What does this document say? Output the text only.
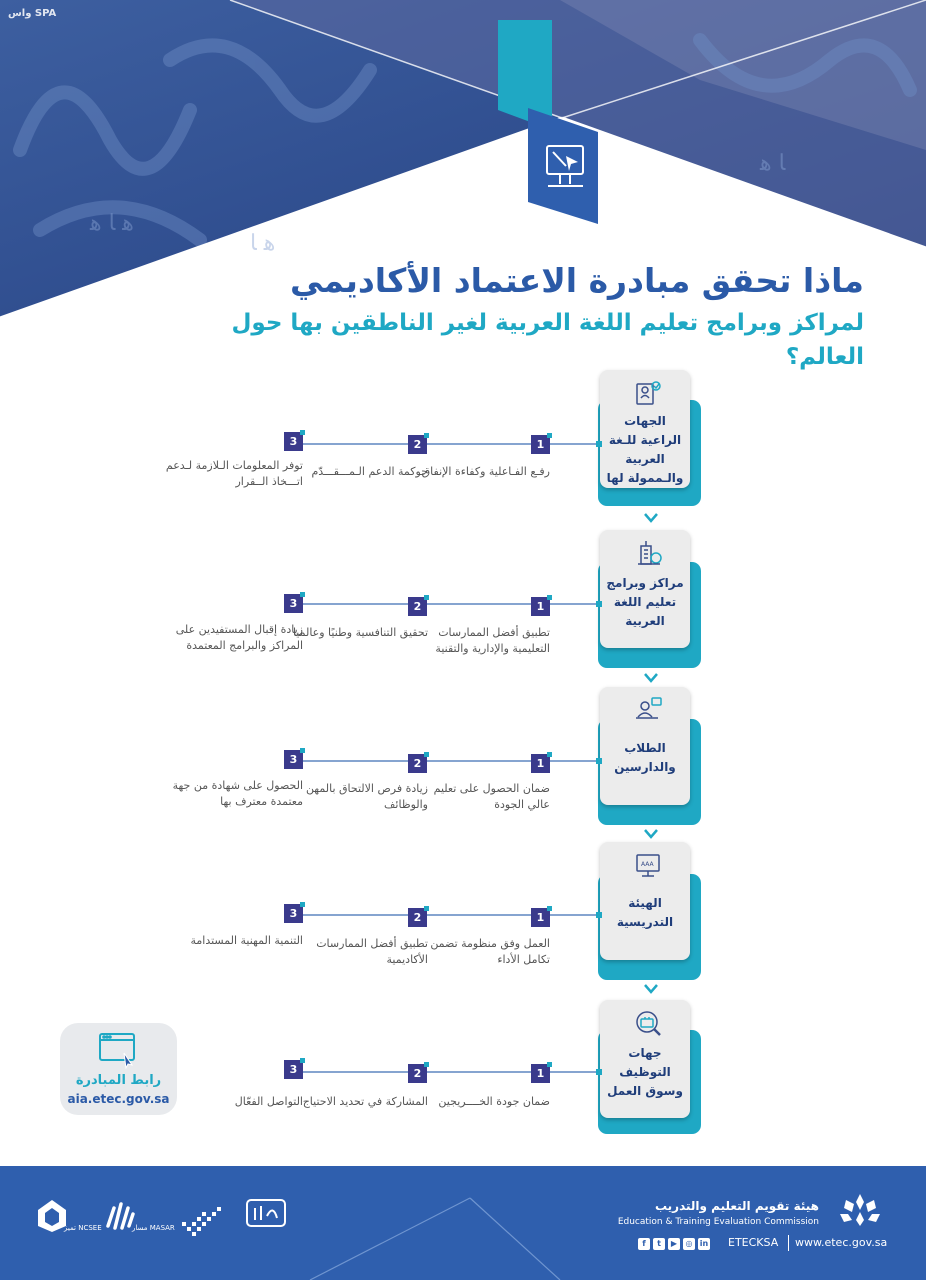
ﻫ ﺎ ﻫ
ﻫ ﺎ
ﺎ ﻫ
واس SPA
ماذا تحقق مبادرة الاعتماد الأكاديمي
لمراكز وبرامج تعليم اللغة العربية لغير الناطقين بها حول العالم؟

الجهات الراعية للـغة العربية والـممولة لها

1

رفـع الفـاعلية وكفاءة الإنفاق

2

حوكمة الدعم الـمـــقـــدّم

3

توفر المعلومات الـلازمة لـدعم اتـــخاذ الــقرار

مراكز وبرامج تعليم اللغة العربية

1

تطبيق أفضل الممارسات التعليمية والإدارية والتقنية

2

تحقيق التنافسية وطنيًا وعالميا

3

زيادة إقبال المستفيدين على المراكز والبرامج المعتمدة

الطلاب والدارسين

1

ضمان الحصول على تعليم عالي الجودة

2

زيادة فرص الالتحاق بالمهن والوظائف

3

الحصول على شهادة من جهة معتمدة معترف بها

AAA

الهيئة التدريسية

1

العمل وفق منظومة تضمن تكامل الأداء

2

تطبيق أفضل الممارسات الأكاديمية

3

التنمية المهنية المستدامة

جهات التوظيف وسوق العمل

1

ضمان جودة الخــــريجين

2

المشاركة في تحديد الاحتياج

3

التواصل الفعّال

رابط المبادرة

aia.etec.gov.sa

هيئة تقويم التعليم والتدريب

Education & Training Evaluation Commission

f	t	▶	◎ in ETECKSA www.etec.gov.sa

مسار MASAR

تميز NCSEE
